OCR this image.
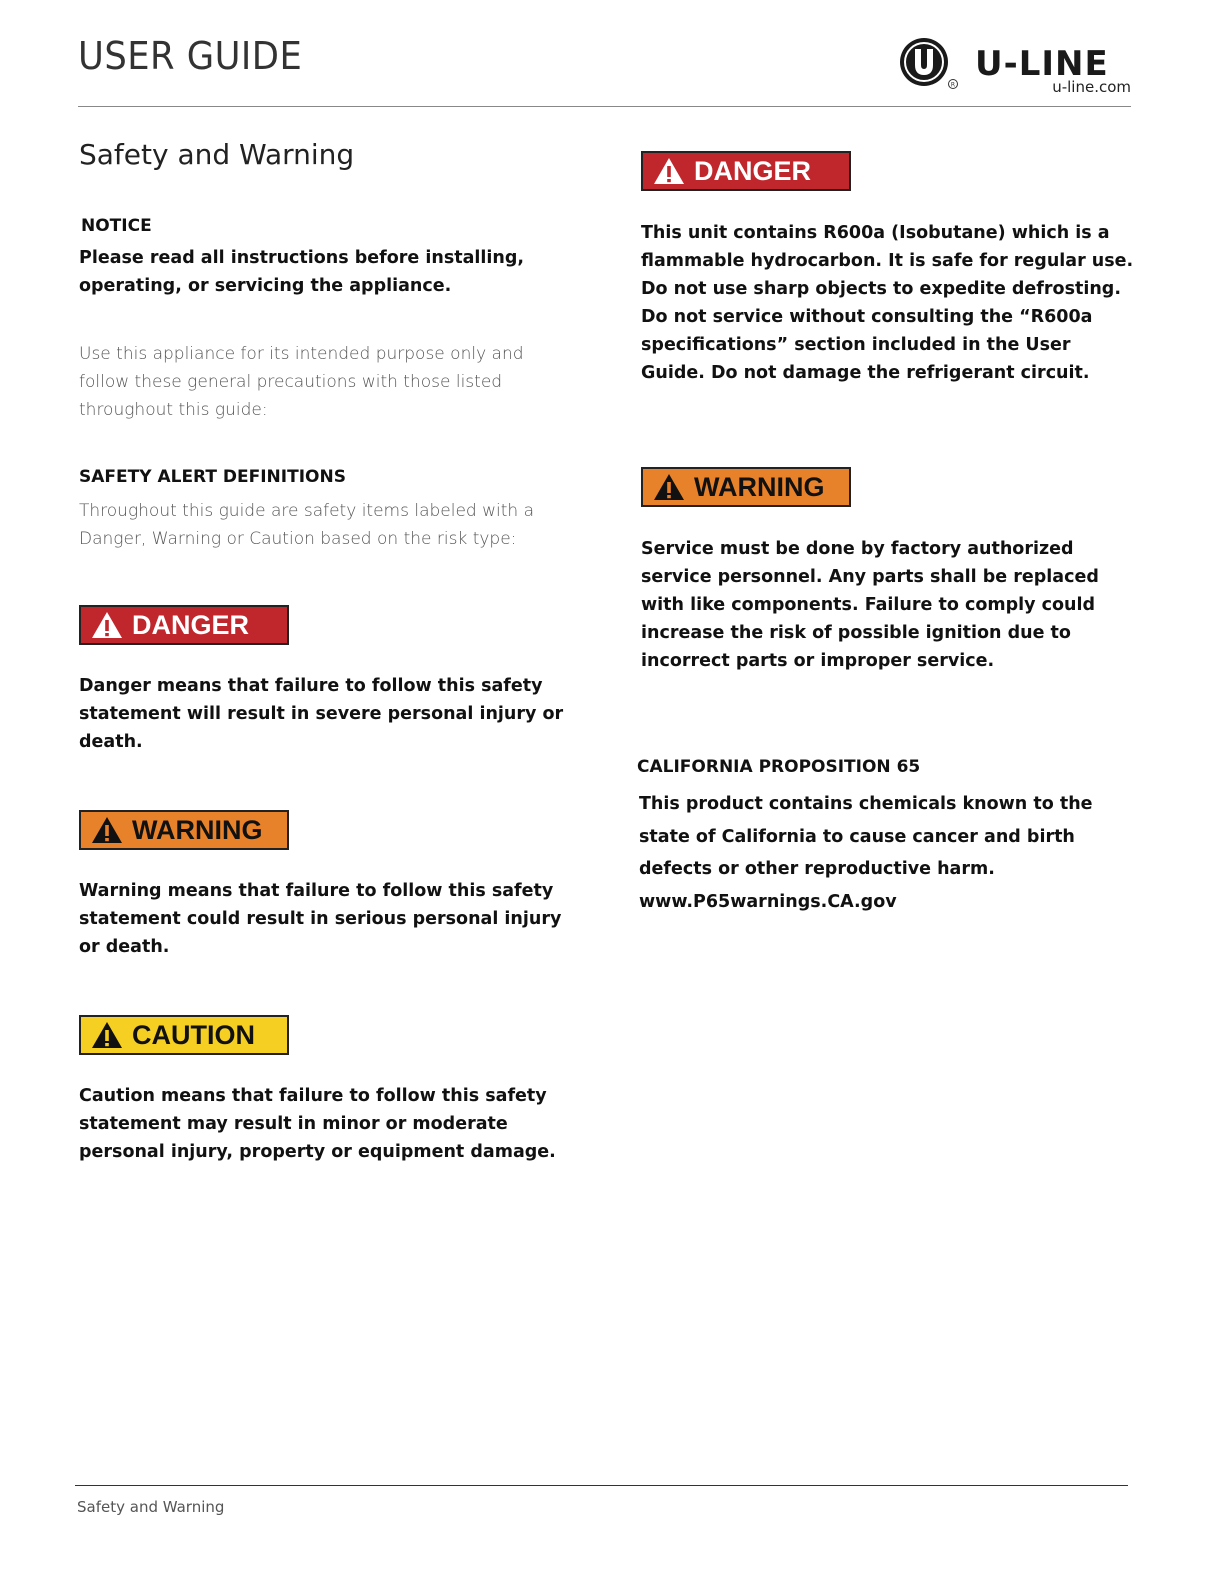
USER GUIDE
R
U-LINE
u-line.com
Safety and Warning
NOTICE
Please read all instructions before installing, operating, or servicing the appliance.
Use this appliance for its intended purpose only and follow these general precautions with those listed throughout this guide:
SAFETY ALERT DEFINITIONS
Throughout this guide are safety items labeled with a Danger, Warning or Caution based on the risk type:
DANGER
Danger means that failure to follow this safety statement will result in severe personal injury or death.
WARNING
Warning means that failure to follow this safety statement could result in serious personal injury or death.
CAUTION
Caution means that failure to follow this safety statement may result in minor or moderate personal injury, property or equipment damage.
DANGER
This unit contains R600a (Isobutane) which is a flammable hydrocarbon. It is safe for regular use. Do not use sharp objects to expedite defrosting. Do not service without consulting the “R600a specifications” section included in the User Guide. Do not damage the refrigerant circuit.
WARNING
Service must be done by factory authorized service personnel. Any parts shall be replaced with like components. Failure to comply could increase the risk of possible ignition due to incorrect parts or improper service.
CALIFORNIA PROPOSITION 65
This product contains chemicals known to the state of California to cause cancer and birth defects or other reproductive harm. www.P65warnings.CA.gov
Safety and Warning
